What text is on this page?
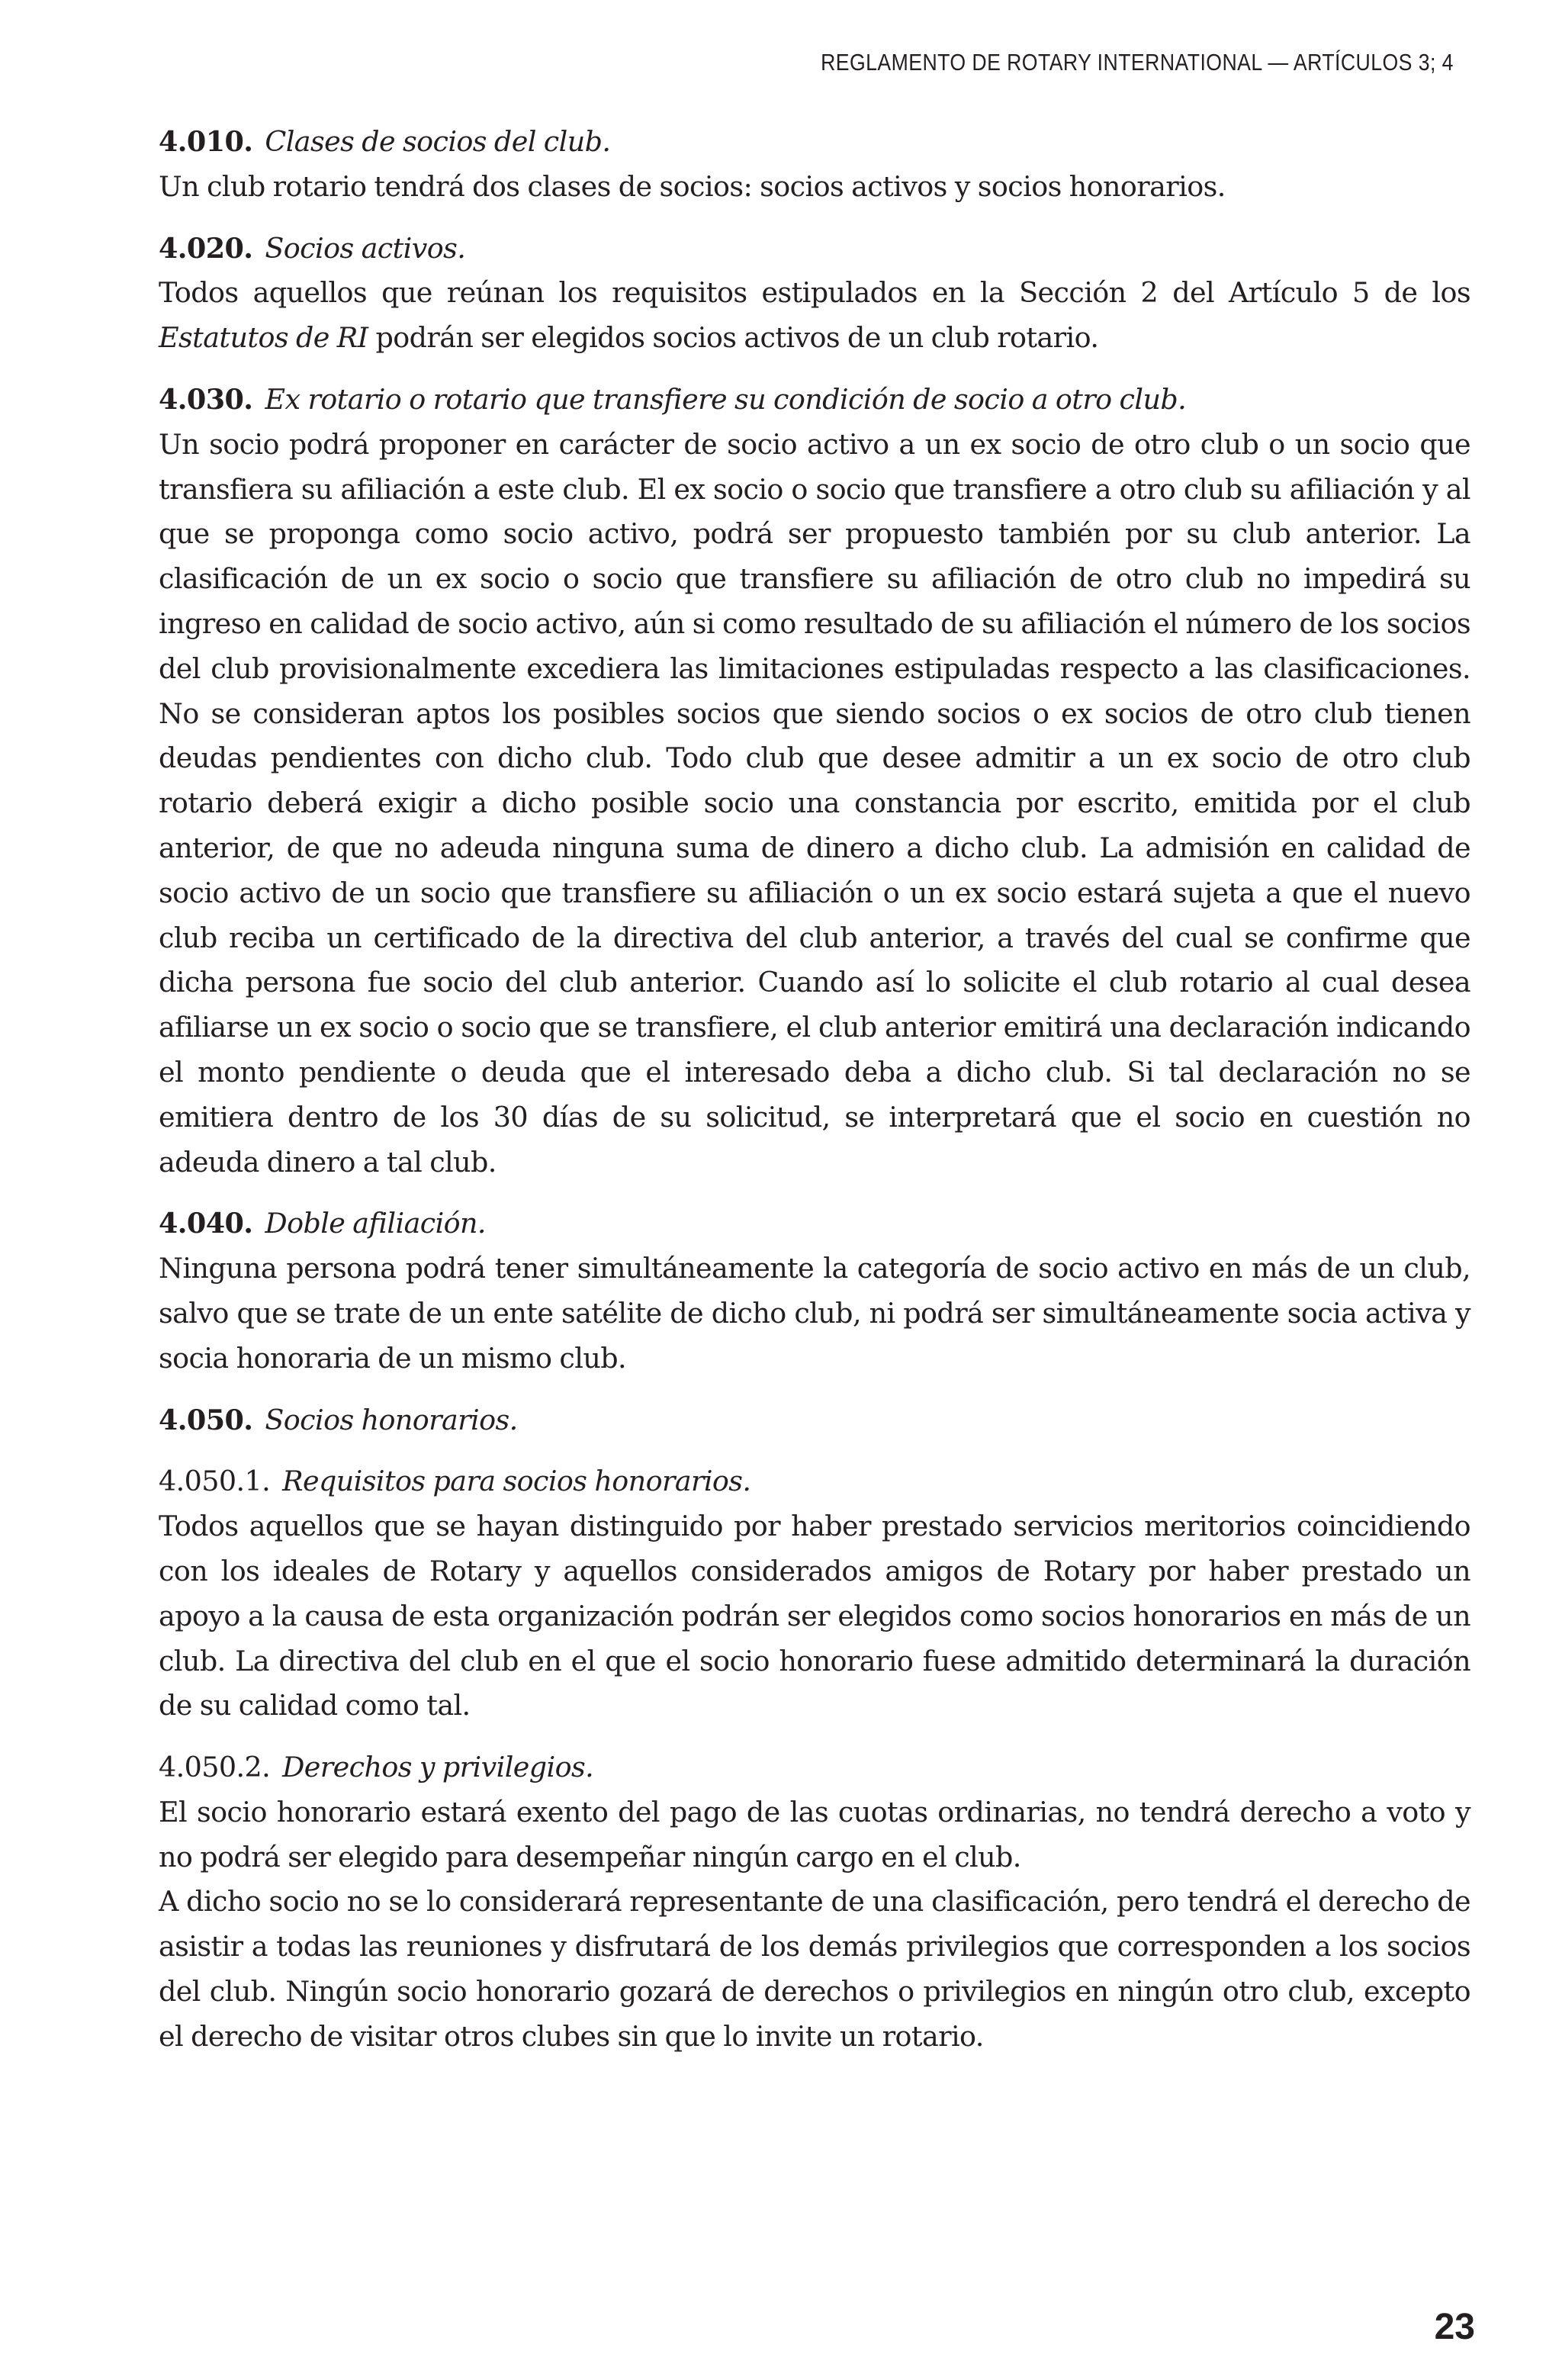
REGLAMENTO DE ROTARY INTERNATIONAL — ARTÍCULOS 3; 4
4.010. Clases de socios del club.

Un club rotario tendrá dos clases de socios: socios activos y socios honorarios.

4.020. Socios activos.

Todos aquellos que reúnan los requisitos estipulados en la Sección 2 del Artículo 5 de los Estatutos de RI podrán ser elegidos socios activos de un club rotario.

4.030. Ex rotario o rotario que transfiere su condición de socio a otro club.

Un socio podrá proponer en carácter de socio activo a un ex socio de otro club o un socio que transfiera su afiliación a este club. El ex socio o socio que transfiere a otro club su afiliación y al que se proponga como socio activo, podrá ser propuesto también por su club anterior. La clasificación de un ex socio o socio que transfiere su afiliación de otro club no impedirá su ingreso en calidad de socio activo, aún si como resultado de su afiliación el número de los socios del club provisionalmente excediera las limitaciones estipuladas respecto a las clasificaciones. No se consideran aptos los posibles socios que siendo socios o ex socios de otro club tienen deudas pendientes con dicho club. Todo club que desee admitir a un ex socio de otro club rotario deberá exigir a dicho posible socio una constancia por escrito, emitida por el club anterior, de que no adeuda ninguna suma de dinero a dicho club. La admisión en calidad de socio activo de un socio que transfiere su afiliación o un ex socio estará sujeta a que el nuevo club reciba un certificado de la directiva del club anterior, a través del cual se confirme que dicha persona fue socio del club anterior. Cuando así lo solicite el club rotario al cual desea afiliarse un ex socio o socio que se transfiere, el club anterior emitirá una declaración indicando el monto pendiente o deuda que el interesado deba a dicho club. Si tal declaración no se emitiera dentro de los 30 días de su solicitud, se interpretará que el socio en cuestión no adeuda dinero a tal club.

4.040. Doble afiliación.

Ninguna persona podrá tener simultáneamente la categoría de socio activo en más de un club, salvo que se trate de un ente satélite de dicho club, ni podrá ser simultáneamente socia activa y socia honoraria de un mismo club.

4.050. Socios honorarios.
4.050.1. Requisitos para socios honorarios.

Todos aquellos que se hayan distinguido por haber prestado servicios meritorios coincidiendo con los ideales de Rotary y aquellos considerados amigos de Rotary por haber prestado un apoyo a la causa de esta organización podrán ser elegidos como socios honorarios en más de un club. La directiva del club en el que el socio honorario fuese admitido determinará la duración de su calidad como tal.

4.050.2. Derechos y privilegios.

El socio honorario estará exento del pago de las cuotas ordinarias, no tendrá derecho a voto y no podrá ser elegido para desempeñar ningún cargo en el club.

A dicho socio no se lo considerará representante de una clasificación, pero tendrá el derecho de asistir a todas las reuniones y disfrutará de los demás privilegios que corresponden a los socios del club. Ningún socio honorario gozará de derechos o privilegios en ningún otro club, excepto el derecho de visitar otros clubes sin que lo invite un rotario.

23
